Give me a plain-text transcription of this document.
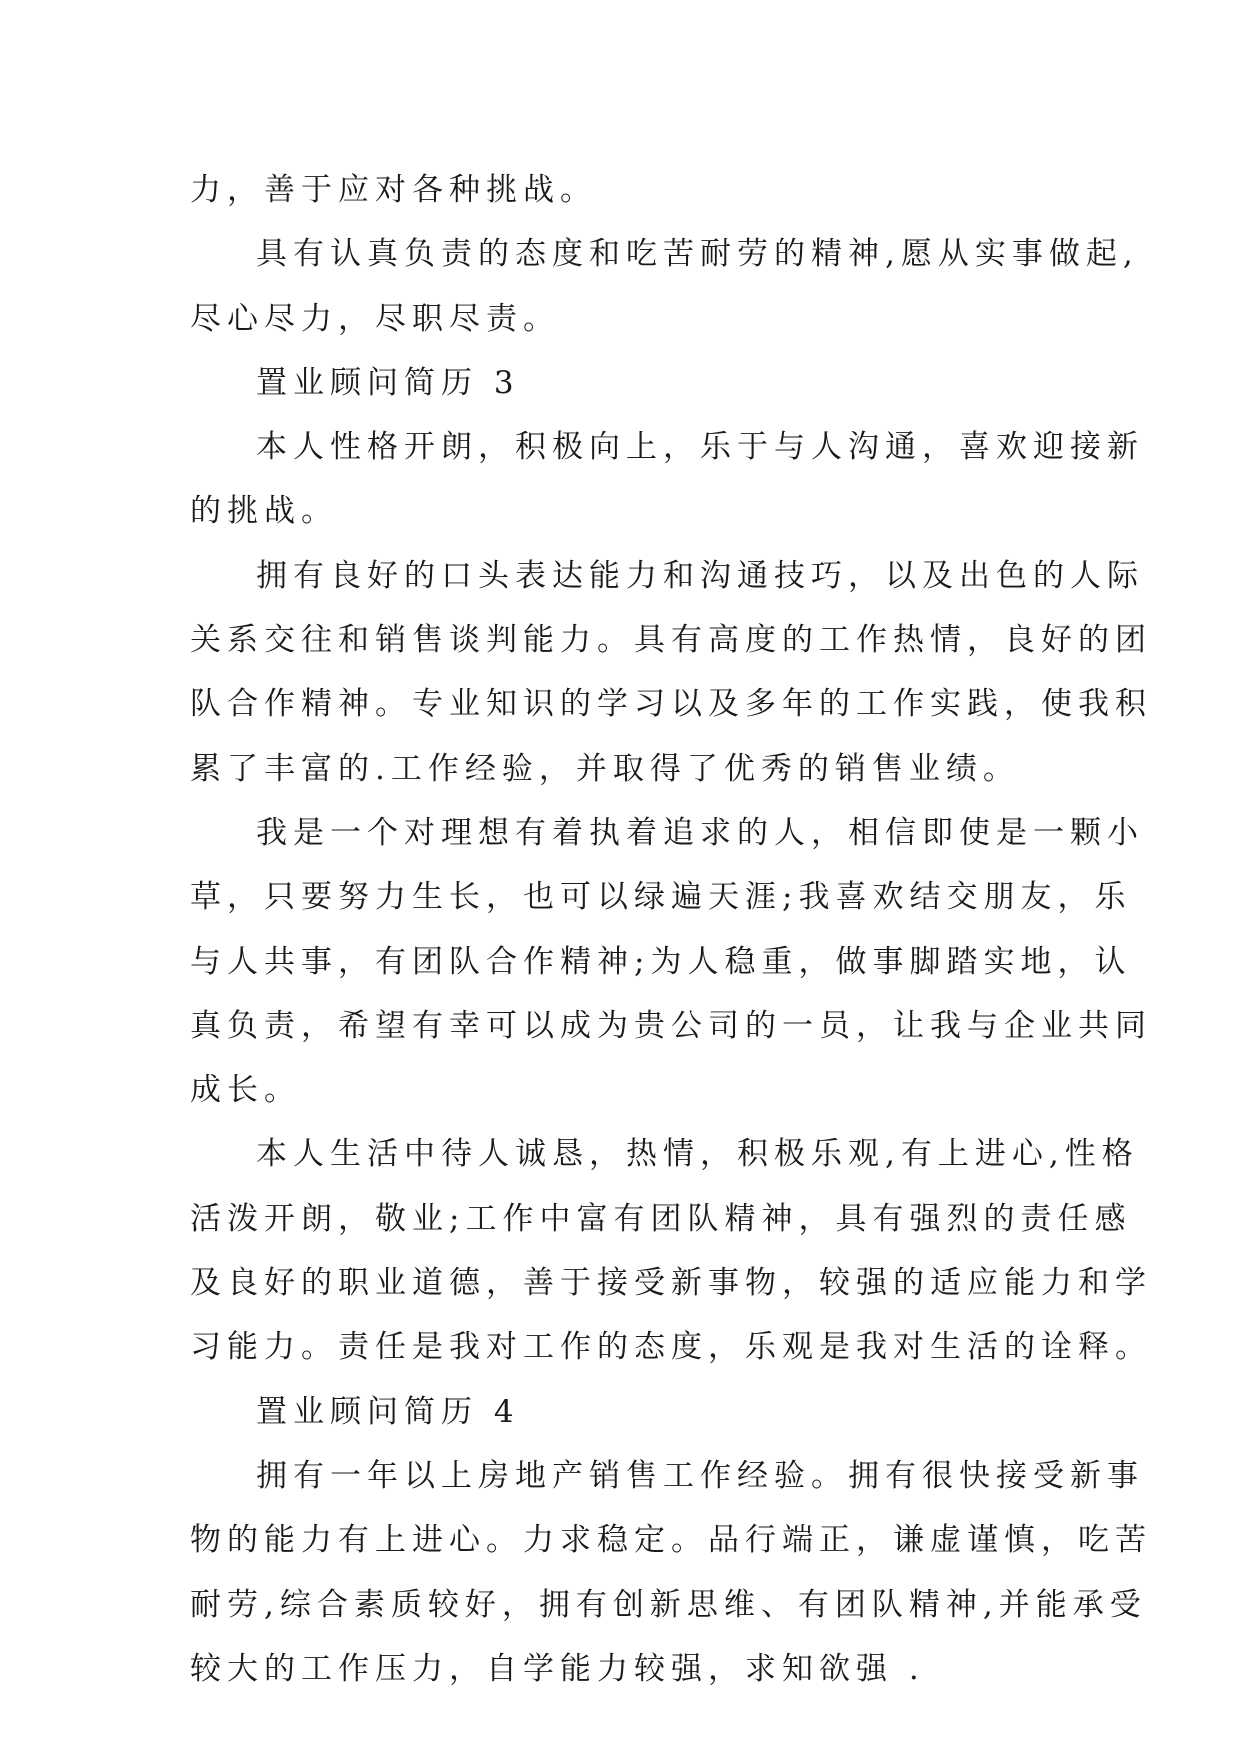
力，善于应对各种挑战。
具有认真负责的态度和吃苦耐劳的精神,愿从实事做起,
尽心尽力，尽职尽责。
置业顾问简历 3
本人性格开朗，积极向上，乐于与人沟通，喜欢迎接新
的挑战。
拥有良好的口头表达能力和沟通技巧，以及出色的人际
关系交往和销售谈判能力。具有高度的工作热情，良好的团
队合作精神。专业知识的学习以及多年的工作实践，使我积
累了丰富的.工作经验，并取得了优秀的销售业绩。
我是一个对理想有着执着追求的人，相信即使是一颗小
草，只要努力生长，也可以绿遍天涯;我喜欢结交朋友，乐
与人共事，有团队合作精神;为人稳重，做事脚踏实地，认
真负责，希望有幸可以成为贵公司的一员，让我与企业共同
成长。
本人生活中待人诚恳，热情，积极乐观,有上进心,性格
活泼开朗，敬业;工作中富有团队精神，具有强烈的责任感
及良好的职业道德，善于接受新事物，较强的适应能力和学
习能力。责任是我对工作的态度，乐观是我对生活的诠释。
置业顾问简历 4
拥有一年以上房地产销售工作经验。拥有很快接受新事
物的能力有上进心。力求稳定。品行端正，谦虚谨慎，吃苦
耐劳,综合素质较好，拥有创新思维、有团队精神,并能承受
较大的工作压力，自学能力较强，求知欲强 .
